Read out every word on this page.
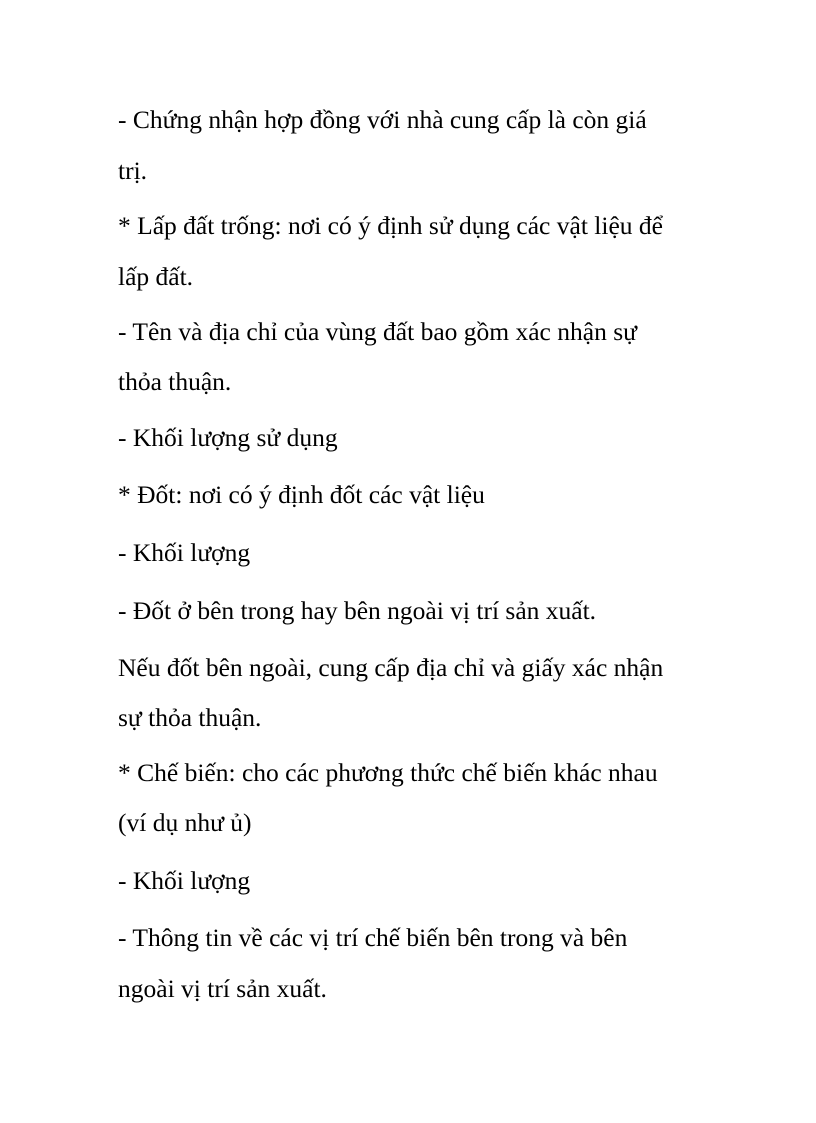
- Chứng nhận hợp đồng với nhà cung cấp là còn giá

trị.

* Lấp đất trống: nơi có ý định sử dụng các vật liệu để

lấp đất.

- Tên và địa chỉ của vùng đất bao gồm xác nhận sự

thỏa thuận.

- Khối lượng sử dụng

* Đốt: nơi có ý định đốt các vật liệu

- Khối lượng

- Đốt ở bên trong hay bên ngoài vị trí sản xuất.

Nếu đốt bên ngoài, cung cấp địa chỉ và giấy xác nhận

sự thỏa thuận.

* Chế biến: cho các phương thức chế biến khác nhau

(ví dụ như ủ)

- Khối lượng

- Thông tin về các vị trí chế biến bên trong và bên

ngoài vị trí sản xuất.
